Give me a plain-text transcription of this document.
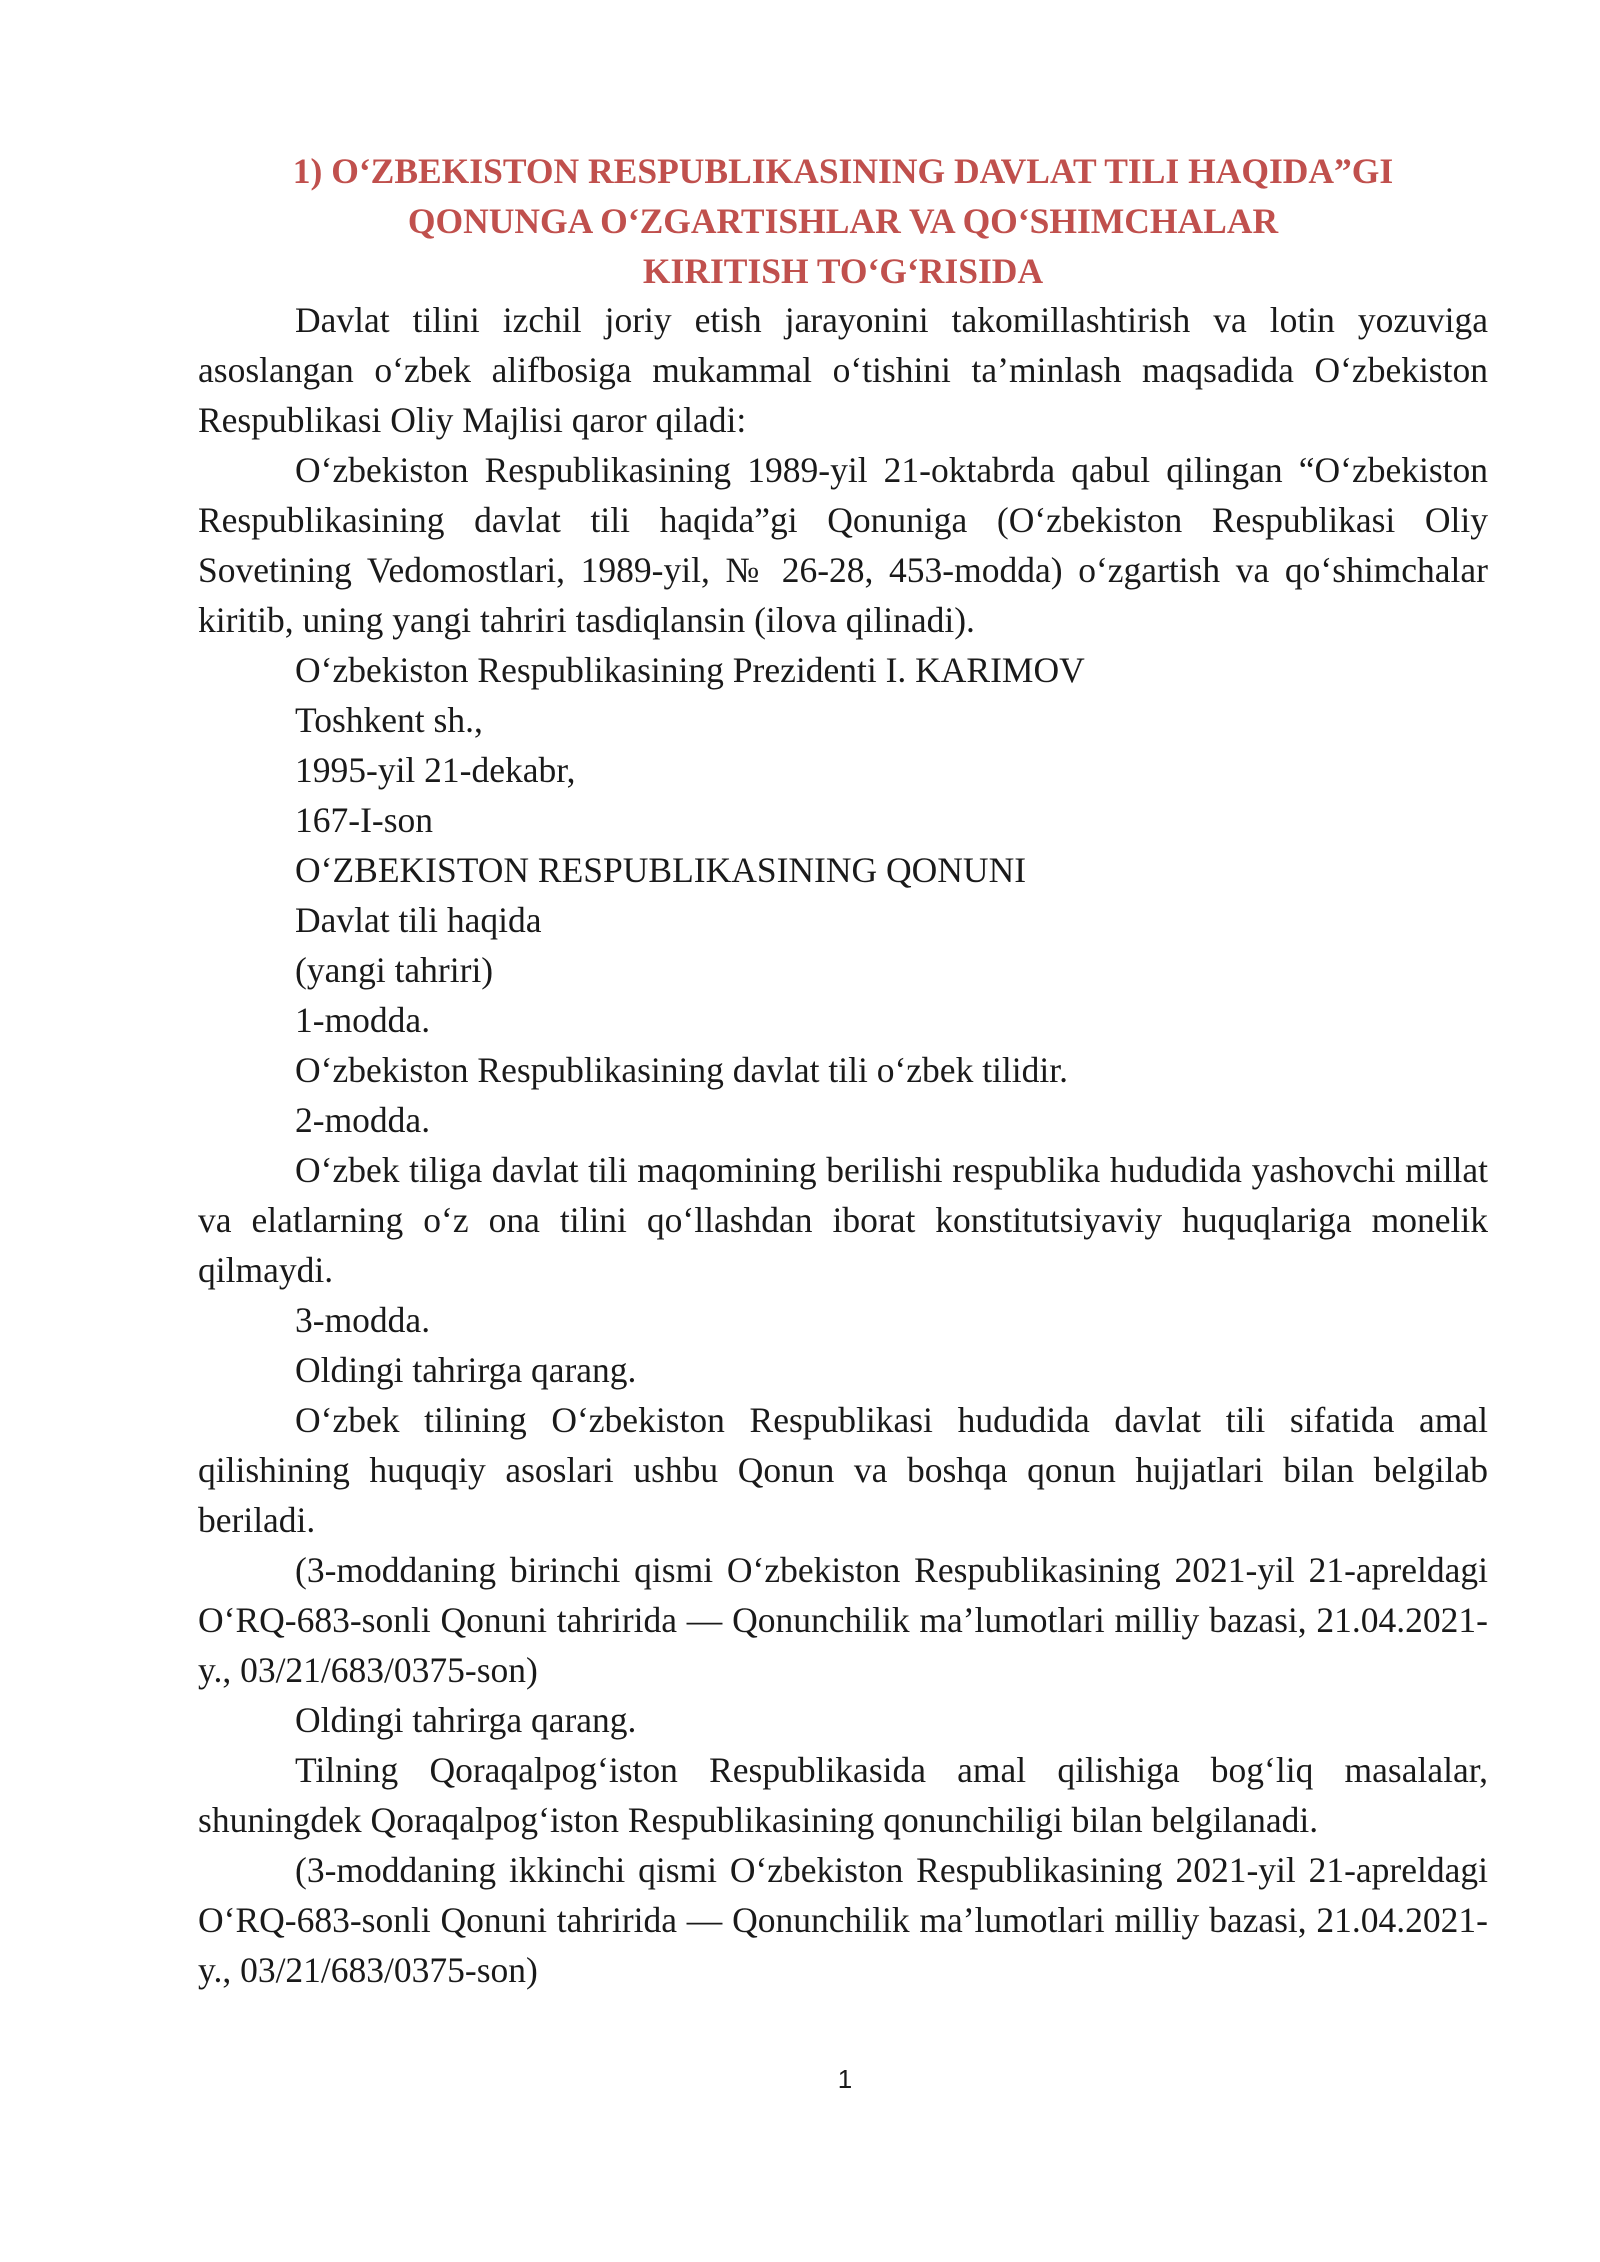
1) O‘ZBEKISTON RESPUBLIKASINING DAVLAT TILI HAQIDA”GI
QONUNGA O‘ZGARTISHLAR VA QO‘SHIMCHALAR
KIRITISH TO‘G‘RISIDA

Davlat tilini izchil joriy etish jarayonini takomillashtirish va lotin yozuviga asoslangan o‘zbek alifbosiga mukammal o‘tishini ta’minlash maqsadida O‘zbekiston Respublikasi Oliy Majlisi qaror qiladi:

O‘zbekiston Respublikasining 1989-yil 21-oktabrda qabul qilingan “O‘zbekiston Respublikasining davlat tili haqida”gi Qonuniga (O‘zbekiston Respublikasi Oliy Sovetining Vedomostlari, 1989-yil, № 26-28, 453-modda) o‘zgartish va qo‘shimchalar kiritib, uning yangi tahriri tasdiqlansin (ilova qilinadi).

O‘zbekiston Respublikasining Prezidenti I. KARIMOV

Toshkent sh.,

1995-yil 21-dekabr,

167-I-son

O‘ZBEKISTON RESPUBLIKASINING QONUNI

Davlat tili haqida

(yangi tahriri)

1-modda.

O‘zbekiston Respublikasining davlat tili o‘zbek tilidir.

2-modda.

O‘zbek tiliga davlat tili maqomining berilishi respublika hududida yashovchi millat va elatlarning o‘z ona tilini qo‘llashdan iborat konstitutsiyaviy huquqlariga monelik qilmaydi.

3-modda.

Oldingi tahrirga qarang.

O‘zbek tilining O‘zbekiston Respublikasi hududida davlat tili sifatida amal qilishining huquqiy asoslari ushbu Qonun va boshqa qonun hujjatlari bilan belgilab beriladi.

(3-moddaning birinchi qismi O‘zbekiston Respublikasining 2021-yil 21-apreldagi O‘RQ-683-sonli Qonuni tahririda — Qonunchilik ma’lumotlari milliy bazasi, 21.04.2021-y., 03/21/683/0375-son)

Oldingi tahrirga qarang.

Tilning Qoraqalpog‘iston Respublikasida amal qilishiga bog‘liq masalalar, shuningdek Qoraqalpog‘iston Respublikasining qonunchiligi bilan belgilanadi.

(3-moddaning ikkinchi qismi O‘zbekiston Respublikasining 2021-yil 21-apreldagi O‘RQ-683-sonli Qonuni tahririda — Qonunchilik ma’lumotlari milliy bazasi, 21.04.2021-y., 03/21/683/0375-son)

1
